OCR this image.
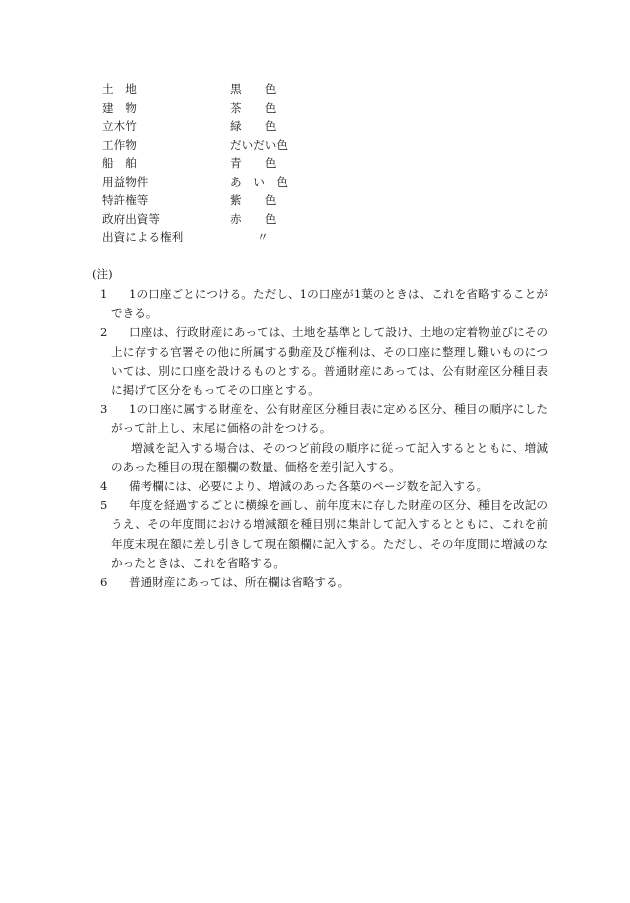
土　地	黒　　色
建　物	茶　　色
立木竹	緑　　色
工作物	だいだい色
船　舶	青　　色
用益物件	あ　い　色
特許権等	紫　　色
政府出資等	赤　　色
出資による権利	〃
(注)
1	1の口座ごとにつける。ただし、1の口座が1葉のときは、これを省略することができる。
2	口座は、行政財産にあっては、土地を基準として設け、土地の定着物並びにその上に存する官署その他に所属する動産及び権利は、その口座に整理し難いものについては、別に口座を設けるものとする。普通財産にあっては、公有財産区分種目表に掲げて区分をもってその口座とする。
3	1の口座に属する財産を、公有財産区分種目表に定める区分、種目の順序にしたがって計上し、末尾に価格の計をつける。
増減を記入する場合は、そのつど前段の順序に従って記入するとともに、増減のあった種目の現在額欄の数量、価格を差引記入する。
4	備考欄には、必要により、増減のあった各葉のページ数を記入する。
5	年度を経過するごとに横線を画し、前年度末に存した財産の区分、種目を改記のうえ、その年度間における増減額を種目別に集計して記入するとともに、これを前年度末現在額に差し引きして現在額欄に記入する。ただし、その年度間に増減のなかったときは、これを省略する。
6	普通財産にあっては、所在欄は省略する。
